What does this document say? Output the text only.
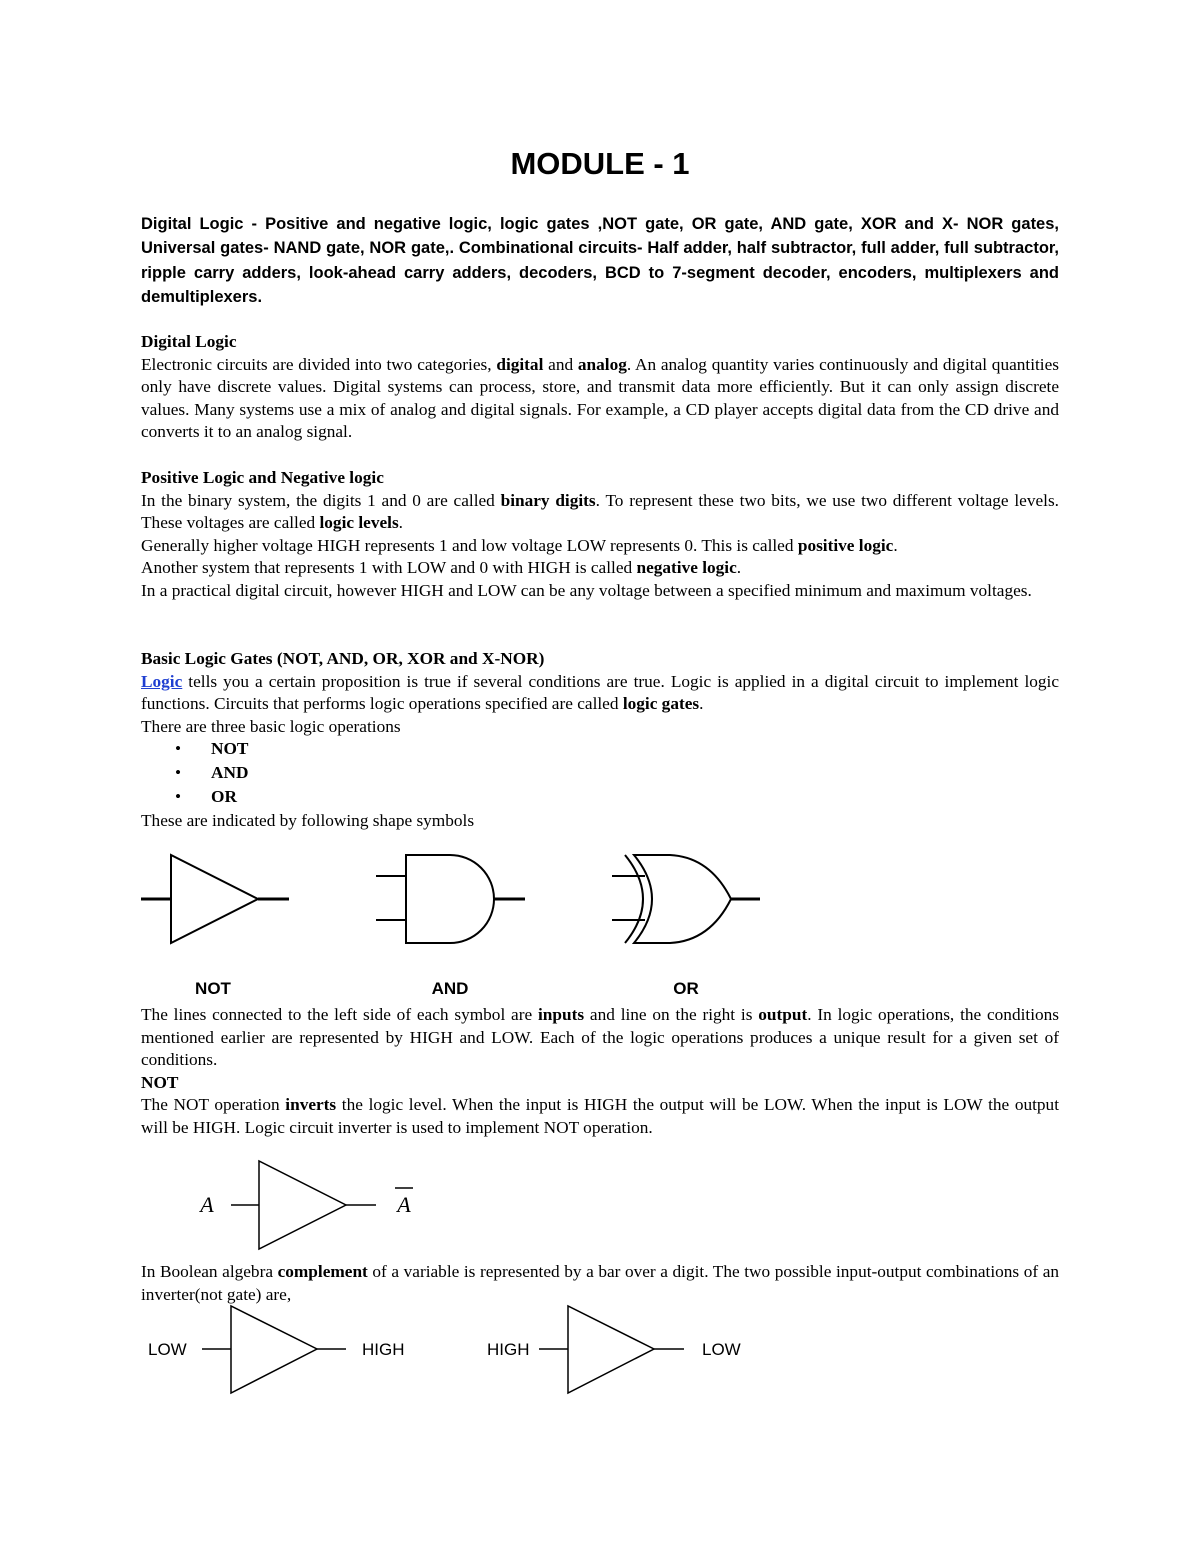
MODULE - 1
Digital Logic - Positive and negative logic, logic gates ,NOT gate, OR gate, AND gate, XOR and X- NOR gates, Universal gates- NAND gate, NOR gate,. Combinational circuits- Half adder, half subtractor, full adder, full subtractor, ripple carry adders, look-ahead carry adders, decoders, BCD to 7-segment decoder, encoders, multiplexers and demultiplexers.

Digital Logic

Electronic circuits are divided into two categories, digital and analog. An analog quantity varies continuously and digital quantities only have discrete values. Digital systems can process, store, and transmit data more efficiently. But it can only assign discrete values. Many systems use a mix of analog and digital signals. For example, a CD player accepts digital data from the CD drive and converts it to an analog signal.

Positive Logic and Negative logic

In the binary system, the digits 1 and 0 are called binary digits. To represent these two bits, we use two different voltage levels. These voltages are called logic levels.

Generally higher voltage HIGH represents 1 and low voltage LOW represents 0. This is called positive logic.

Another system that represents 1 with LOW and 0 with HIGH is called negative logic.

In a practical digital circuit, however HIGH and LOW can be any voltage between a specified minimum and maximum voltages.

Basic Logic Gates (NOT, AND, OR, XOR and X-NOR)

Logic tells you a certain proposition is true if several conditions are true. Logic is applied in a digital circuit to implement logic functions. Circuits that performs logic operations specified are called logic gates.

There are three basic logic operations

• NOT
• AND
• OR

These are indicated by following shape symbols

NOT	AND	OR
A	A
LOW	HIGH	HIGH	LOW

The lines connected to the left side of each symbol are inputs and line on the right is output. In logic operations, the conditions mentioned earlier are represented by HIGH and LOW. Each of the logic operations produces a unique result for a given set of conditions.

NOT

The NOT operation inverts the logic level. When the input is HIGH the output will be LOW. When the input is LOW the output will be HIGH. Logic circuit inverter is used to implement NOT operation.

In Boolean algebra complement of a variable is represented by a bar over a digit. The two possible input-output combinations of an inverter(not gate) are,
